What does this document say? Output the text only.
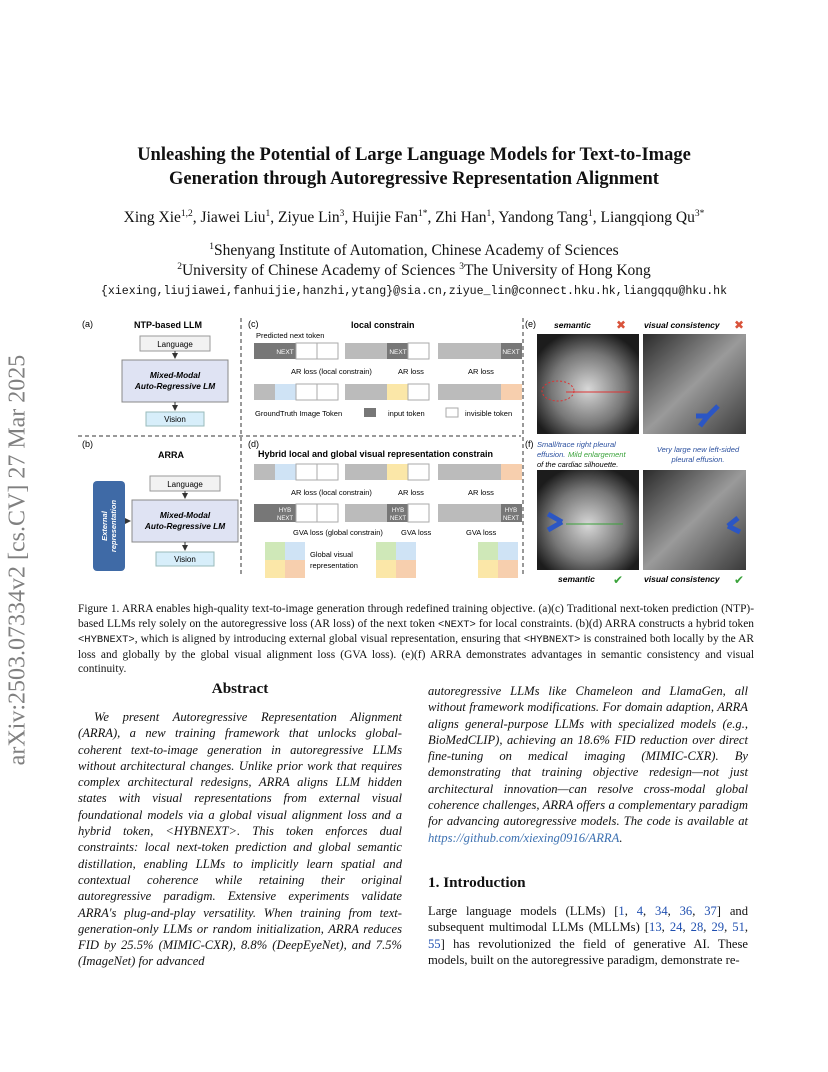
arXiv:2503.07334v2 [cs.CV] 27 Mar 2025
Unleashing the Potential of Large Language Models for Text-to-Image
Generation through Autoregressive Representation Alignment
Xing Xie$^{1,2}$, Jiawei Liu$^1$, Ziyue Lin$^3$, Huijie Fan$^{1*}$, Zhi Han$^1$, Yandong Tang$^1$, Liangqiong $Qu^{3*}$
$^1$Shenyang Institute of Automation, Chinese Academy of Sciences
$^2$University of Chinese Academy of Sciences $^3$The University of Hong Kong
{xiexing,liujiawei,fanhuijie,hanzhi,ytang}@sia.cn,ziyue_lin@connect.hku.hk,liangqqu@hku.hk
(a)	NTP-based LLM
Language
Mixed-Modal
Auto-Regressive LM
Vision
(b)
ARRA
External representation
Language
Mixed-Modal
Auto-Regressive LM
Vision
(c)	local constrain
Predicted next token
NEXT	NEXT	NEXT
AR loss (local constrain)	AR loss	AR loss
GroundTruth Image Token	input token	invisible token
(d)
Hybrid local and global visual representation constrain
AR loss (local constrain)	AR loss	AR loss
HYB
NEXT
HYB
NEXT
HYB
NEXT
GVA loss (global constrain) GVA loss	GVA loss
Global visual
representation
(e) semantic ✖ visual consistency ✖
(f) Small/trace right pleural
effusion. Mild enlargement
of the cardiac silhouette.
Very large new left-sided
pleural effusion.
semantic ✔ visual consistency ✔
Figure 1. ARRA enables high-quality text-to-image generation through redefined training objective. (a)(c) Traditional next-token prediction (NTP)-based LLMs rely solely on the autoregressive loss (AR loss) of the next token <NEXT> for local constraints. (b)(d) ARRA constructs a hybrid token <HYBNEXT>, which is aligned by introducing external global visual representation, ensuring that <HYBNEXT> is constrained both locally by the AR loss and globally by the global visual alignment loss (GVA loss). (e)(f) ARRA demonstrates advantages in semantic consistency and visual continuity.
Abstract
We present Autoregressive Representation Alignment (ARRA), a new training framework that unlocks global-coherent text-to-image generation in autoregressive LLMs without architectural changes. Unlike prior work that requires complex architectural redesigns, ARRA aligns LLM hidden states with visual representations from external visual foundational models via a global visual alignment loss and a hybrid token, <HYBNEXT>. This token enforces dual constraints: local next-token prediction and global semantic distillation, enabling LLMs to implicitly learn spatial and contextual coherence while retaining their original autoregressive paradigm. Extensive experiments validate ARRA's plug-and-play versatility. When training from text-generation-only LLMs or random initialization, ARRA reduces FID by 25.5% (MIMIC-CXR), 8.8% (DeepEyeNet), and 7.5% (ImageNet) for advanced
autoregressive LLMs like Chameleon and LlamaGen, all without framework modifications. For domain adaption, ARRA aligns general-purpose LLMs with specialized models (e.g., BioMedCLIP), achieving an 18.6% FID reduction over direct fine-tuning on medical imaging (MIMIC-CXR). By demonstrating that training objective redesign—not just architectural innovation—can resolve cross-modal global coherence challenges, ARRA offers a complementary paradigm for advancing autoregressive models. The code is available at https://github.com/xiexing0916/ARRA.
1. Introduction
Large language models (LLMs) [1, 4, 34, 36, 37] and subsequent multimodal LLMs (MLLMs) [13, 24, 28, 29, 51, 55] has revolutionized the field of generative AI. These models, built on the autoregressive paradigm, demonstrate re-
